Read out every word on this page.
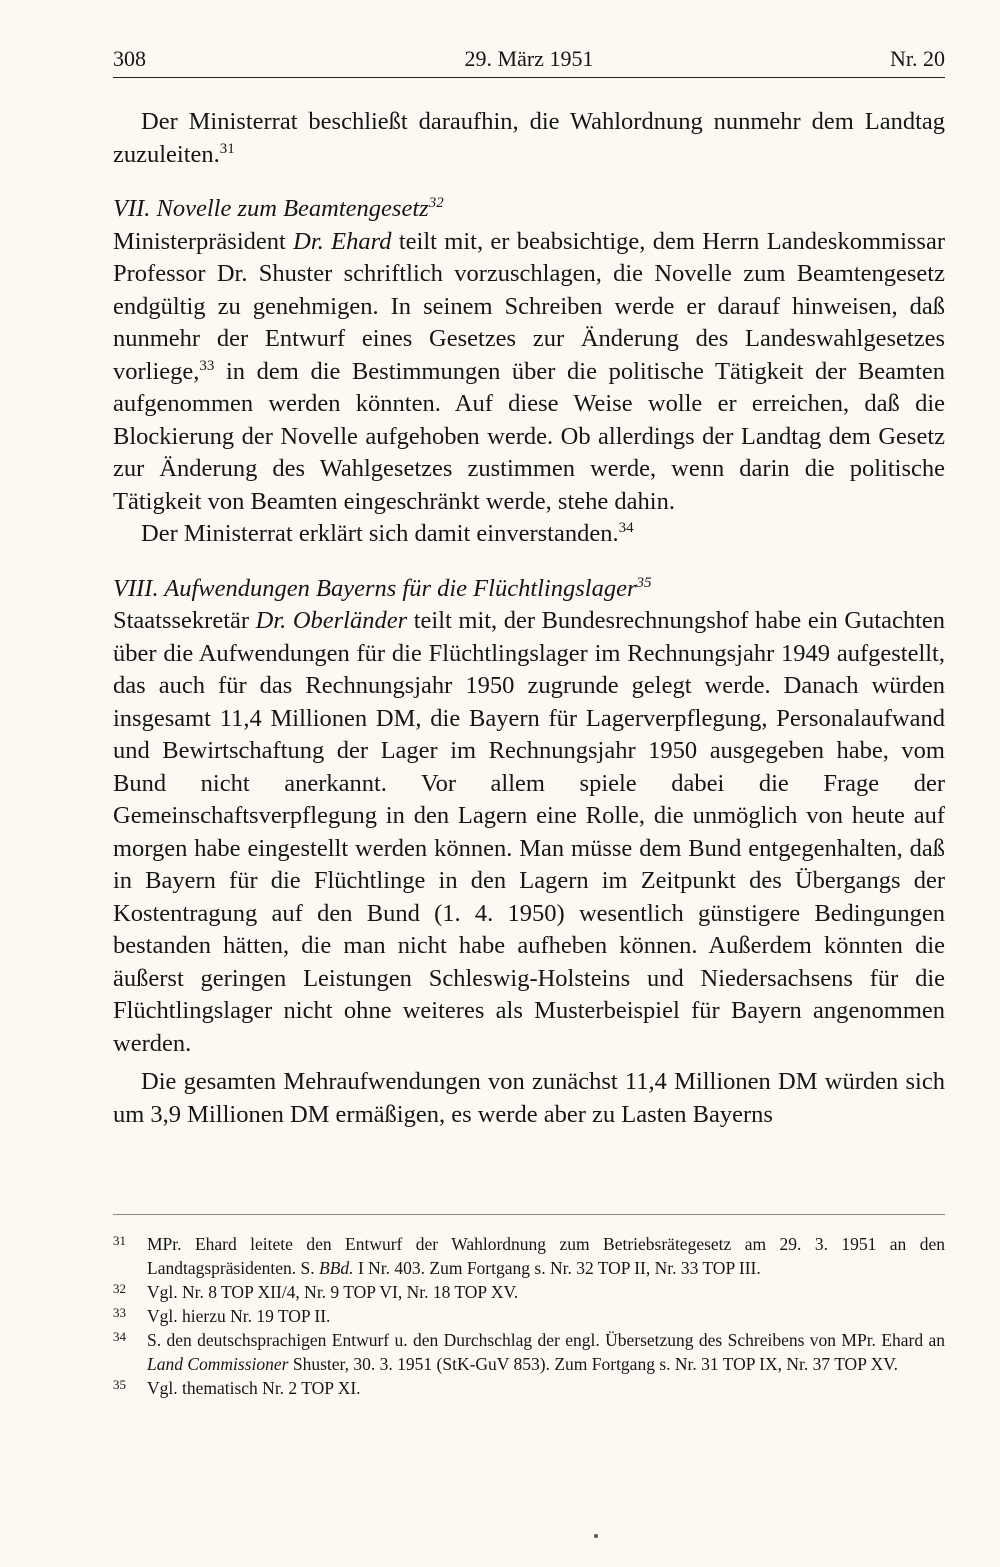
308	29. März 1951	Nr. 20

Der Ministerrat beschließt daraufhin, die Wahlordnung nunmehr dem Landtag zuzuleiten.$^{31}$

VII. Novelle zum Beamtengesetz$^{32}$

Ministerpräsident Dr. Ehard teilt mit, er beabsichtige, dem Herrn Landeskommissar Professor Dr. Shuster schriftlich vorzuschlagen, die Novelle zum Beamtengesetz endgültig zu genehmigen. In seinem Schreiben werde er darauf hinweisen, daß nunmehr der Entwurf eines Gesetzes zur Änderung des Landeswahlgesetzes vorliege,$^{33}$ in dem die Bestimmungen über die politische Tätigkeit der Beamten aufgenommen werden könnten. Auf diese Weise wolle er erreichen, daß die Blockierung der Novelle aufgehoben werde. Ob allerdings der Landtag dem Gesetz zur Änderung des Wahlgesetzes zustimmen werde, wenn darin die politische Tätigkeit von Beamten eingeschränkt werde, stehe dahin.

Der Ministerrat erklärt sich damit einverstanden.$^{34}$

VIII. Aufwendungen Bayerns für die Flüchtlingslager$^{35}$

Staatssekretär Dr. Oberländer teilt mit, der Bundesrechnungshof habe ein Gutachten über die Aufwendungen für die Flüchtlingslager im Rechnungsjahr 1949 aufgestellt, das auch für das Rechnungsjahr 1950 zugrunde gelegt werde. Danach würden insgesamt 11,4 Millionen DM, die Bayern für Lagerverpflegung, Personalaufwand und Bewirtschaftung der Lager im Rechnungsjahr 1950 ausgegeben habe, vom Bund nicht anerkannt. Vor allem spiele dabei die Frage der Gemeinschaftsverpflegung in den Lagern eine Rolle, die unmöglich von heute auf morgen habe eingestellt werden können. Man müsse dem Bund entgegenhalten, daß in Bayern für die Flüchtlinge in den Lagern im Zeitpunkt des Übergangs der Kostentragung auf den Bund (1. 4. 1950) wesentlich günstigere Bedingungen bestanden hätten, die man nicht habe aufheben können. Außerdem könnten die äußerst geringen Leistungen Schleswig-Holsteins und Niedersachsens für die Flüchtlingslager nicht ohne weiteres als Musterbeispiel für Bayern angenommen werden.

Die gesamten Mehraufwendungen von zunächst 11,4 Millionen DM würden sich um 3,9 Millionen DM ermäßigen, es werde aber zu Lasten Bayerns

31 MPr. Ehard leitete den Entwurf der Wahlordnung zum Betriebsrätegesetz am 29. 3. 1951 an den Landtagspräsidenten. S. BBd. I Nr. 403. Zum Fortgang s. Nr. 32 TOP II, Nr. 33 TOP III.
32 Vgl. Nr. 8 TOP XII/4, Nr. 9 TOP VI, Nr. 18 TOP XV.
33 Vgl. hierzu Nr. 19 TOP II.
34 S. den deutschsprachigen Entwurf u. den Durchschlag der engl. Übersetzung des Schreibens von MPr. Ehard an Land Commissioner Shuster, 30. 3. 1951 (StK-GuV 853). Zum Fortgang s. Nr. 31 TOP IX, Nr. 37 TOP XV.
35 Vgl. thematisch Nr. 2 TOP XI.
